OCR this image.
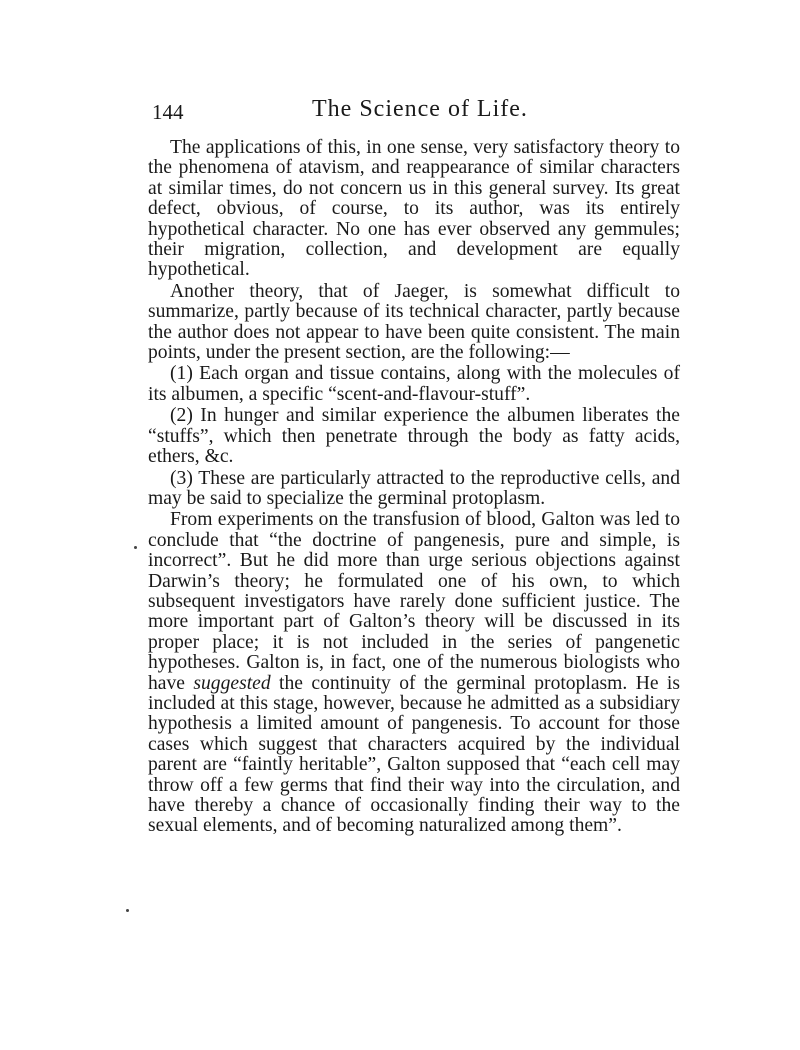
144	The Science of Life.

The applications of this, in one sense, very satisfactory theory to the phenomena of atavism, and reappearance of similar characters at similar times, do not concern us in this general survey. Its great defect, obvious, of course, to its author, was its entirely hypothetical character. No one has ever observed any gemmules; their migration, collection, and development are equally hypothetical.

Another theory, that of Jaeger, is somewhat difficult to summarize, partly because of its technical character, partly because the author does not appear to have been quite consistent. The main points, under the present section, are the following:—

(1) Each organ and tissue contains, along with the molecules of its albumen, a specific “scent-and-flavour-stuff”.

(2) In hunger and similar experience the albumen liberates the “stuffs”, which then penetrate through the body as fatty acids, ethers, &c.

(3) These are particularly attracted to the reproductive cells, and may be said to specialize the germinal protoplasm.

From experiments on the transfusion of blood, Galton was led to conclude that “the doctrine of pangenesis, pure and simple, is incorrect”. But he did more than urge serious objections against Darwin’s theory; he formulated one of his own, to which subsequent investigators have rarely done sufficient justice. The more important part of Galton’s theory will be discussed in its proper place; it is not included in the series of pangenetic hypotheses. Galton is, in fact, one of the numerous biologists who have suggested the continuity of the germinal protoplasm. He is included at this stage, however, because he admitted as a subsidiary hypothesis a limited amount of pangenesis. To account for those cases which suggest that characters acquired by the individual parent are “faintly heritable”, Galton supposed that “each cell may throw off a few germs that find their way into the circulation, and have thereby a chance of occasionally finding their way to the sexual elements, and of becoming naturalized among them”.
